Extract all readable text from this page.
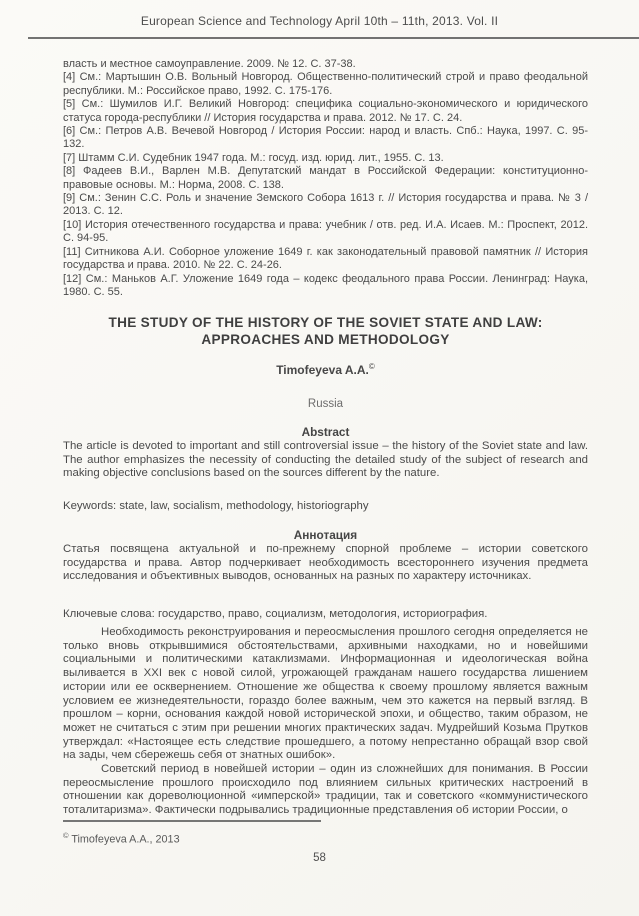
European Science and Technology April 10th – 11th, 2013. Vol. II

власть и местное самоуправление. 2009. № 12. С. 37-38.

[4] См.: Мартышин О.В. Вольный Новгород. Общественно-политический строй и право феодальной республики. М.: Российское право, 1992. С. 175-176.

[5] См.: Шумилов И.Г. Великий Новгород: специфика социально-экономического и юридического статуса города-республики // История государства и права. 2012. № 17. С. 24.

[6] См.: Петров А.В. Вечевой Новгород / История России: народ и власть. Спб.: Наука, 1997. С. 95-132.

[7] Штамм С.И. Судебник 1947 года. М.: госуд. изд. юрид. лит., 1955. С. 13.

[8] Фадеев В.И., Варлен М.В. Депутатский мандат в Российской Федерации: конституционно-правовые основы. М.: Норма, 2008. С. 138.

[9] См.: Зенин С.С. Роль и значение Земского Собора 1613 г. // История государства и права. № 3 / 2013. С. 12.

[10] История отечественного государства и права: учебник / отв. ред. И.А. Исаев. М.: Проспект, 2012. С. 94-95.

[11] Ситникова А.И. Соборное уложение 1649 г. как законодательный правовой памятник // История государства и права. 2010. № 22. С. 24-26.

[12] См.: Маньков А.Г. Уложение 1649 года – кодекс феодального права России. Ленинград: Наука, 1980. С. 55.

THE STUDY OF THE HISTORY OF THE SOVIET STATE AND LAW:
APPROACHES AND METHODOLOGY
Timofeyeva A.A.©
Russia
Abstract

The article is devoted to important and still controversial issue – the history of the Soviet state and law. The author emphasizes the necessity of conducting the detailed study of the subject of research and making objective conclusions based on the sources different by the nature.

Keywords: state, law, socialism, methodology, historiography

Аннотация

Статья посвящена актуальной и по-прежнему спорной проблеме – истории советского государства и права. Автор подчеркивает необходимость всестороннего изучения предмета исследования и объективных выводов, основанных на разных по характеру источниках.

Ключевые слова: государство, право, социализм, методология, историография.

Необходимость реконструирования и переосмысления прошлого сегодня определяется не только вновь открывшимися обстоятельствами, архивными находками, но и новейшими социальными и политическими катаклизмами. Информационная и идеологическая война выливается в XXI век с новой силой, угрожающей гражданам нашего государства лишением истории или ее осквернением. Отношение же общества к своему прошлому является важным условием ее жизнедеятельности, гораздо более важным, чем это кажется на первый взгляд. В прошлом – корни, основания каждой новой исторической эпохи, и общество, таким образом, не может не считаться с этим при решении многих практических задач. Мудрейший Козьма Прутков утверждал: «Настоящее есть следствие прошедшего, а потому непрестанно обращай взор свой на зады, чем сбережешь себя от знатных ошибок».

Советский период в новейшей истории – один из сложнейших для понимания. В России переосмысление прошлого происходило под влиянием сильных критических настроений в отношении как дореволюционной «имперской» традиции, так и советского «коммунистического тоталитаризма». Фактически подрывались традиционные представления об истории России, о

© Timofeyeva A.A., 2013
58
